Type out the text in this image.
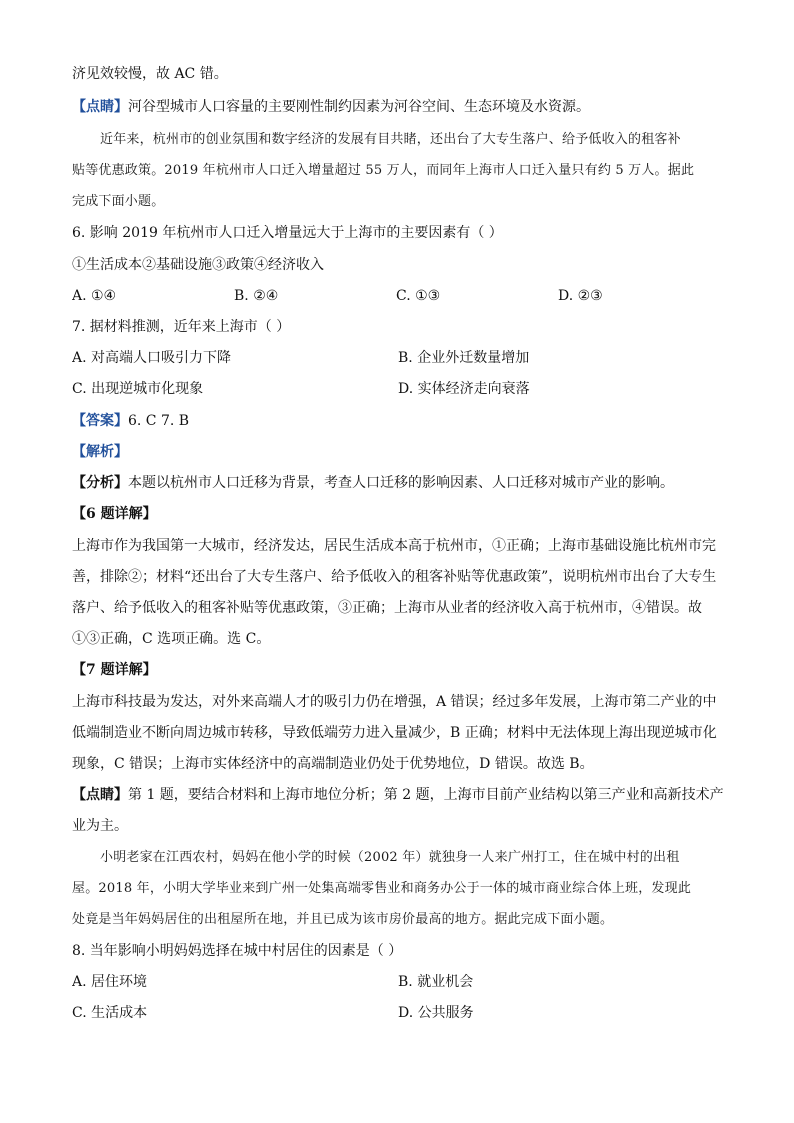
济见效较慢，故 AC 错。
【点睛】河谷型城市人口容量的主要刚性制约因素为河谷空间、生态环境及水资源。
近年来，杭州市的创业氛围和数字经济的发展有目共睹，还出台了大专生落户、给予低收入的租客补
贴等优惠政策。2019 年杭州市人口迁入增量超过 55 万人，而同年上海市人口迁入量只有约 5 万人。据此
完成下面小题。
6. 影响 2019 年杭州市人口迁入增量远大于上海市的主要因素有（ ）
①生活成本②基础设施③政策④经济收入
A. ①④	B. ②④	C. ①③	D. ②③
7. 据材料推测，近年来上海市（ ）
A. 对高端人口吸引力下降	B. 企业外迁数量增加
C. 出现逆城市化现象	D. 实体经济走向衰落
【答案】6. C 7. B
【解析】
【分析】本题以杭州市人口迁移为背景，考查人口迁移的影响因素、人口迁移对城市产业的影响。
【6 题详解】
上海市作为我国第一大城市，经济发达，居民生活成本高于杭州市，①正确；上海市基础设施比杭州市完
善，排除②；材料“还出台了大专生落户、给予低收入的租客补贴等优惠政策”，说明杭州市出台了大专生
落户、给予低收入的租客补贴等优惠政策，③正确；上海市从业者的经济收入高于杭州市，④错误。故
①③正确，C 选项正确。选 C。
【7 题详解】
上海市科技最为发达，对外来高端人才的吸引力仍在增强，A 错误；经过多年发展，上海市第二产业的中
低端制造业不断向周边城市转移，导致低端劳力进入量减少，B 正确；材料中无法体现上海出现逆城市化
现象，C 错误；上海市实体经济中的高端制造业仍处于优势地位，D 错误。故选 B。
【点睛】第 1 题，要结合材料和上海市地位分析；第 2 题，上海市目前产业结构以第三产业和高新技术产
业为主。
小明老家在江西农村，妈妈在他小学的时候（2002 年）就独身一人来广州打工，住在城中村的出租
屋。2018 年，小明大学毕业来到广州一处集高端零售业和商务办公于一体的城市商业综合体上班，发现此
处竟是当年妈妈居住的出租屋所在地，并且已成为该市房价最高的地方。据此完成下面小题。
8. 当年影响小明妈妈选择在城中村居住的因素是（ ）
A. 居住环境	B. 就业机会
C. 生活成本	D. 公共服务
